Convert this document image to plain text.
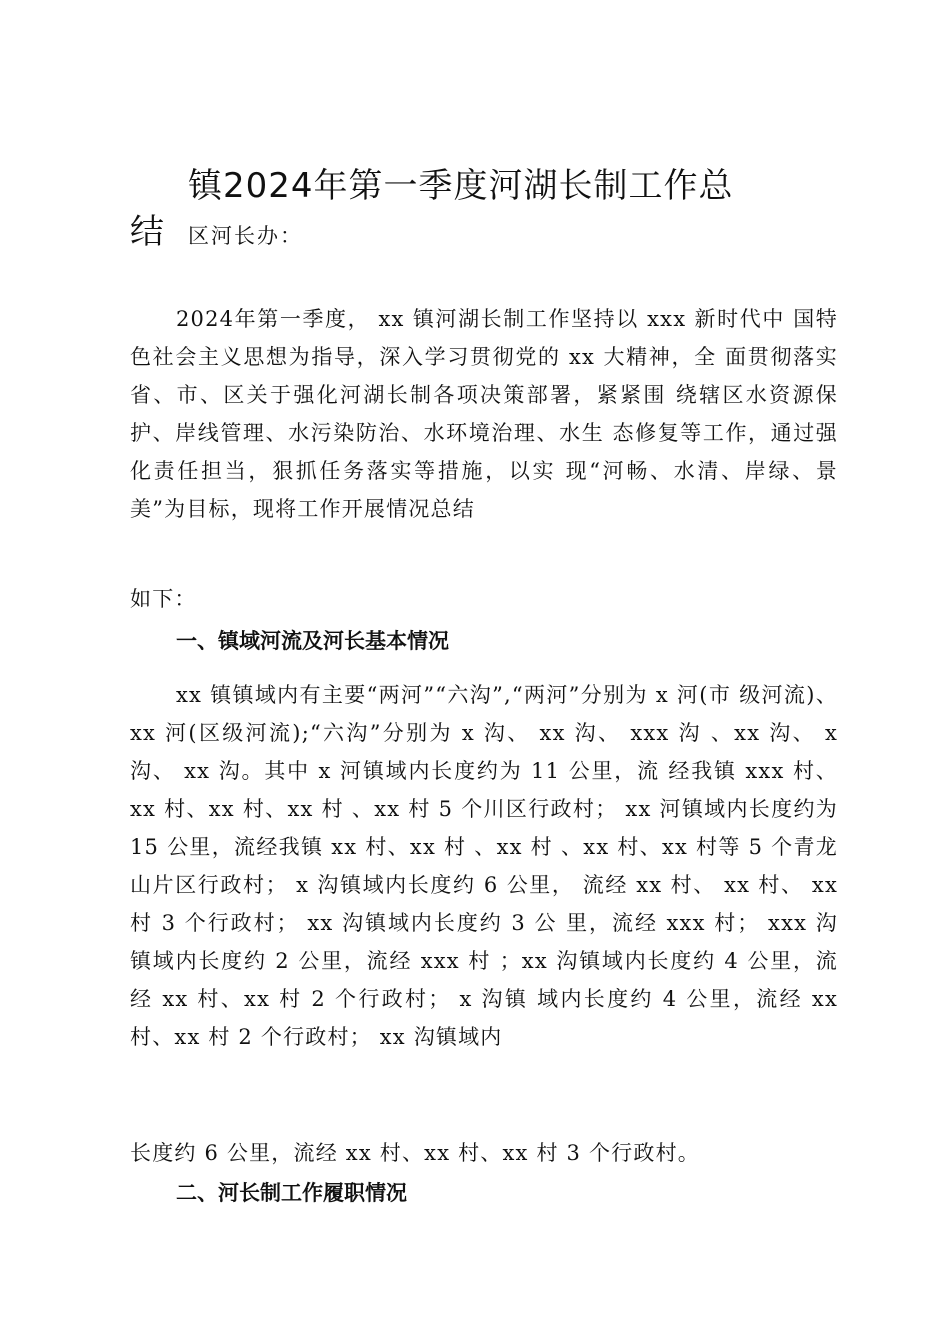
镇2024年第一季度河湖长制工作总
结 区河长办：

2024年第一季度， xx 镇河湖长制工作坚持以 xxx 新时代中 国特色社会主义思想为指导，深入学习贯彻党的 xx 大精神，全 面贯彻落实省、市、区关于强化河湖长制各项决策部署，紧紧围 绕辖区水资源保护、岸线管理、水污染防治、水环境治理、水生 态修复等工作，通过强化责任担当，狠抓任务落实等措施，以实 现“河畅、水清、岸绿、景美”为目标，现将工作开展情况总结

如下：

一、镇域河流及河长基本情况

xx 镇镇域内有主要“两河”“六沟”,“两河”分别为 x 河(市 级河流)、 xx 河(区级河流);“六沟”分别为 x 沟、 xx 沟、 xxx 沟 、xx 沟、 x 沟、 xx 沟。其中 x 河镇域内长度约为 11 公里，流 经我镇 xxx 村、xx 村、xx 村、xx 村 、xx 村 5 个川区行政村； xx 河镇域内长度约为 15 公里，流经我镇 xx 村、xx 村 、xx 村 、xx 村、xx 村等 5 个青龙山片区行政村； x 沟镇域内长度约 6 公里， 流经 xx 村、 xx 村、 xx 村 3 个行政村； xx 沟镇域内长度约 3 公 里，流经 xxx 村； xxx 沟镇域内长度约 2 公里，流经 xxx 村 ；xx 沟镇域内长度约 4 公里，流经 xx 村、xx 村 2 个行政村； x 沟镇 域内长度约 4 公里，流经 xx 村、xx 村 2 个行政村； xx 沟镇域内

长度约 6 公里，流经 xx 村、xx 村、xx 村 3 个行政村。

二、河长制工作履职情况
